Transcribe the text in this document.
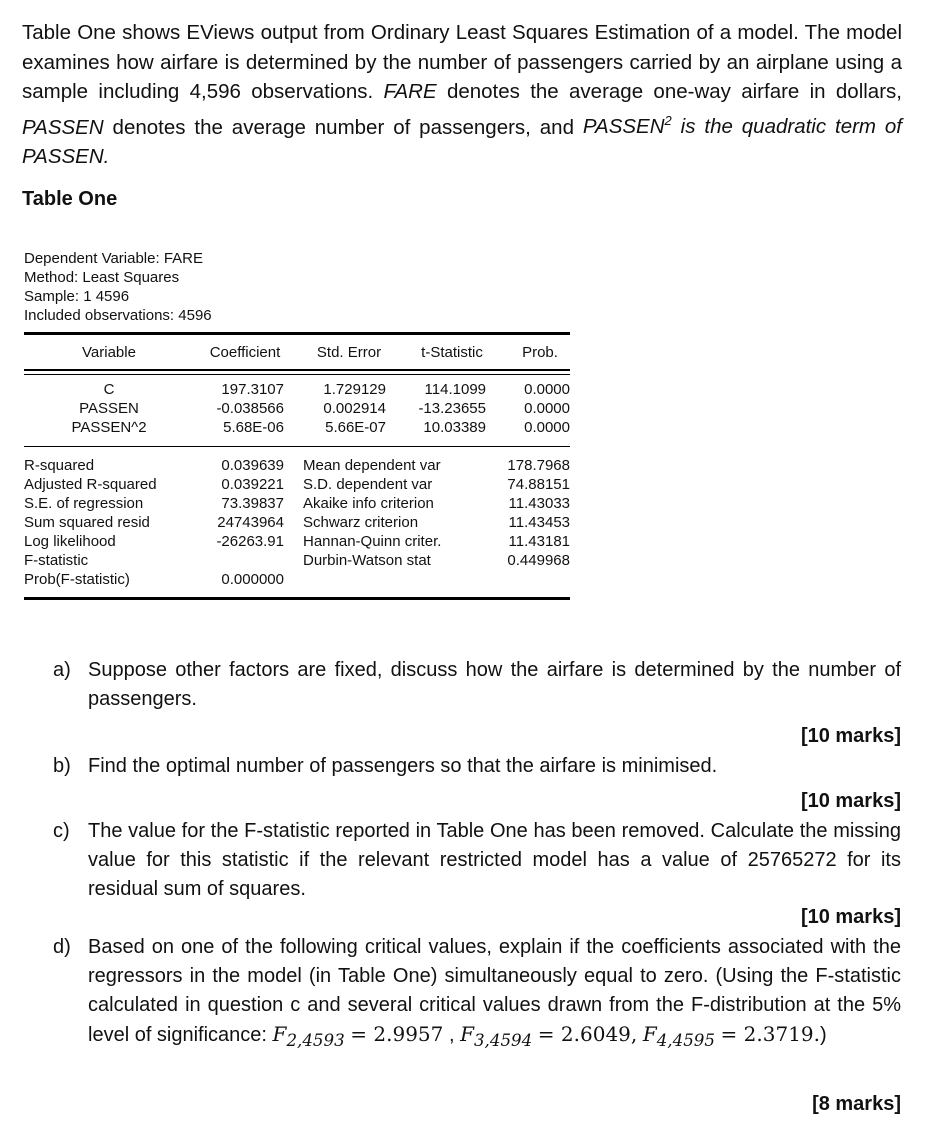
Table One shows EViews output from Ordinary Least Squares Estimation of a model. The model examines how airfare is determined by the number of passengers carried by an airplane using a sample including 4,596 observations. FARE denotes the average one-way airfare in dollars, PASSEN denotes the average number of passengers, and PASSEN$^2$ is the quadratic term of PASSEN.
Table One
Dependent Variable: FARE
Method: Least Squares
Sample: 1 4596
Included observations: 4596
Variable	Coefficient	Std. Error	t-Statistic	Prob.
C	197.3107	1.729129	114.1099	0.0000
PASSEN	-0.038566	0.002914	-13.23655	0.0000
PASSEN^2	5.68E-06	5.66E-07	10.03389	0.0000
R-squared	0.039639 Mean dependent var	178.7968
Adjusted R-squared	0.039221 S.D. dependent var	74.88151
S.E. of regression	73.39837 Akaike info criterion	11.43033
Sum squared resid	24743964 Schwarz criterion	11.43453
Log likelihood	-26263.91 Hannan-Quinn criter.	11.43181
F-statistic	Durbin-Watson stat	0.449968
Prob(F-statistic)	0.000000
a) Suppose other factors are fixed, discuss how the airfare is determined by the number of passengers.
b) Find the optimal number of passengers so that the airfare is minimised.
c) The value for the F-statistic reported in Table One has been removed. Calculate the missing value for this statistic if the relevant restricted model has a value of 25765272 for its residual sum of squares.
d) Based on one of the following critical values, explain if the coefficients associated with the regressors in the model (in Table One) simultaneously equal to zero. (Using the F-statistic calculated in question c and several critical values drawn from the F-distribution at the 5% level of significance: $F_{2,4593} = 2.9957$ , $F_{3,4594} = 2.6049$, $F_{4,4595} = 2.3719$.)
[10 marks]
[10 marks]
[10 marks]
[8 marks]
